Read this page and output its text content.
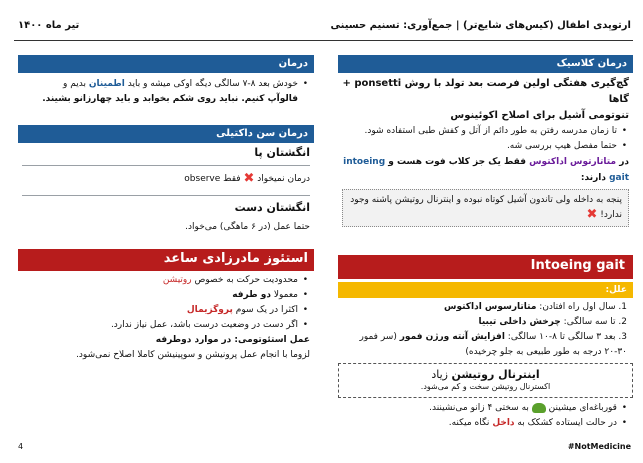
ارتوپدی اطفال (کیس‌های شایع‌تر) | جمع‌آوری: تسنیم حسینی
تیر ماه ۱۴۰۰
درمان کلاسیک
گچ‌گیری هفتگی اولین فرصت بعد تولد با روش ponsetti + گاها
تنوتومی آشیل برای اصلاح اکوئینوس
• تا زمان مدرسه رفتن به طور دائم از آتل و کفش طبی استفاده شود.
• حتما مفصل هیپ بررسی شه.
در متاتارتوس اداکتوس فقط یک جز کلاب فوت هست و intoeing gait دارند:
پنجه به داخله ولی تاندون آشیل کوتاه نبوده و اینترنال روتیشن پاشنه وجود ندارد! ✖
Intoeing gait
علل:
1. سال اول راه افتادن: متاتارسوس اداکتوس
2. تا سه سالگی: چرخش داخلی تیبیا
3. بعد ۳ سالگی تا ۸-۱۰ سالگی: افزایش آنته ورژن فمور (سر فمور ۳۰-۲۰ درجه به طور طبیعی به جلو چرخیده)
اینترنال روتیشن زیاد
اکسترنال روتیشن سخت و کم می‌شود.
• قورباغه‌ای میشینن  به سختی ۴ زانو می‌نشینند.
• در حالت ایستاده کشکک به داخل نگاه میکنه.
درمان
• خودش بعد ۸-۷ سالگی دیگه اوکی میشه و باید اطمینان بدیم و
فالوآپ کنیم. نباید روی شکم بخوابد و باید چهارزانو بشیند.
درمان سن داکتیلی
انگشتان پا
درمان نمیخواد ✖ فقط observe
انگشتان دست
حتما عمل (در ۶ ماهگی) می‌خواد.
استئوز مادرزادی ساعد
• محدودیت حرکت به خصوص روتیشن
• معمولا دو طرفه
• اکثرا در یک سوم پروگزیمال
• اگر دست در وضعیت درست باشد، عمل نیاز ندارد.
عمل استئوتومی: در موارد دوطرفه
لزوما با انجام عمل پرونیشن و سوپینیشن کاملا اصلاح نمی‌شود.
4	#NotMedicine
